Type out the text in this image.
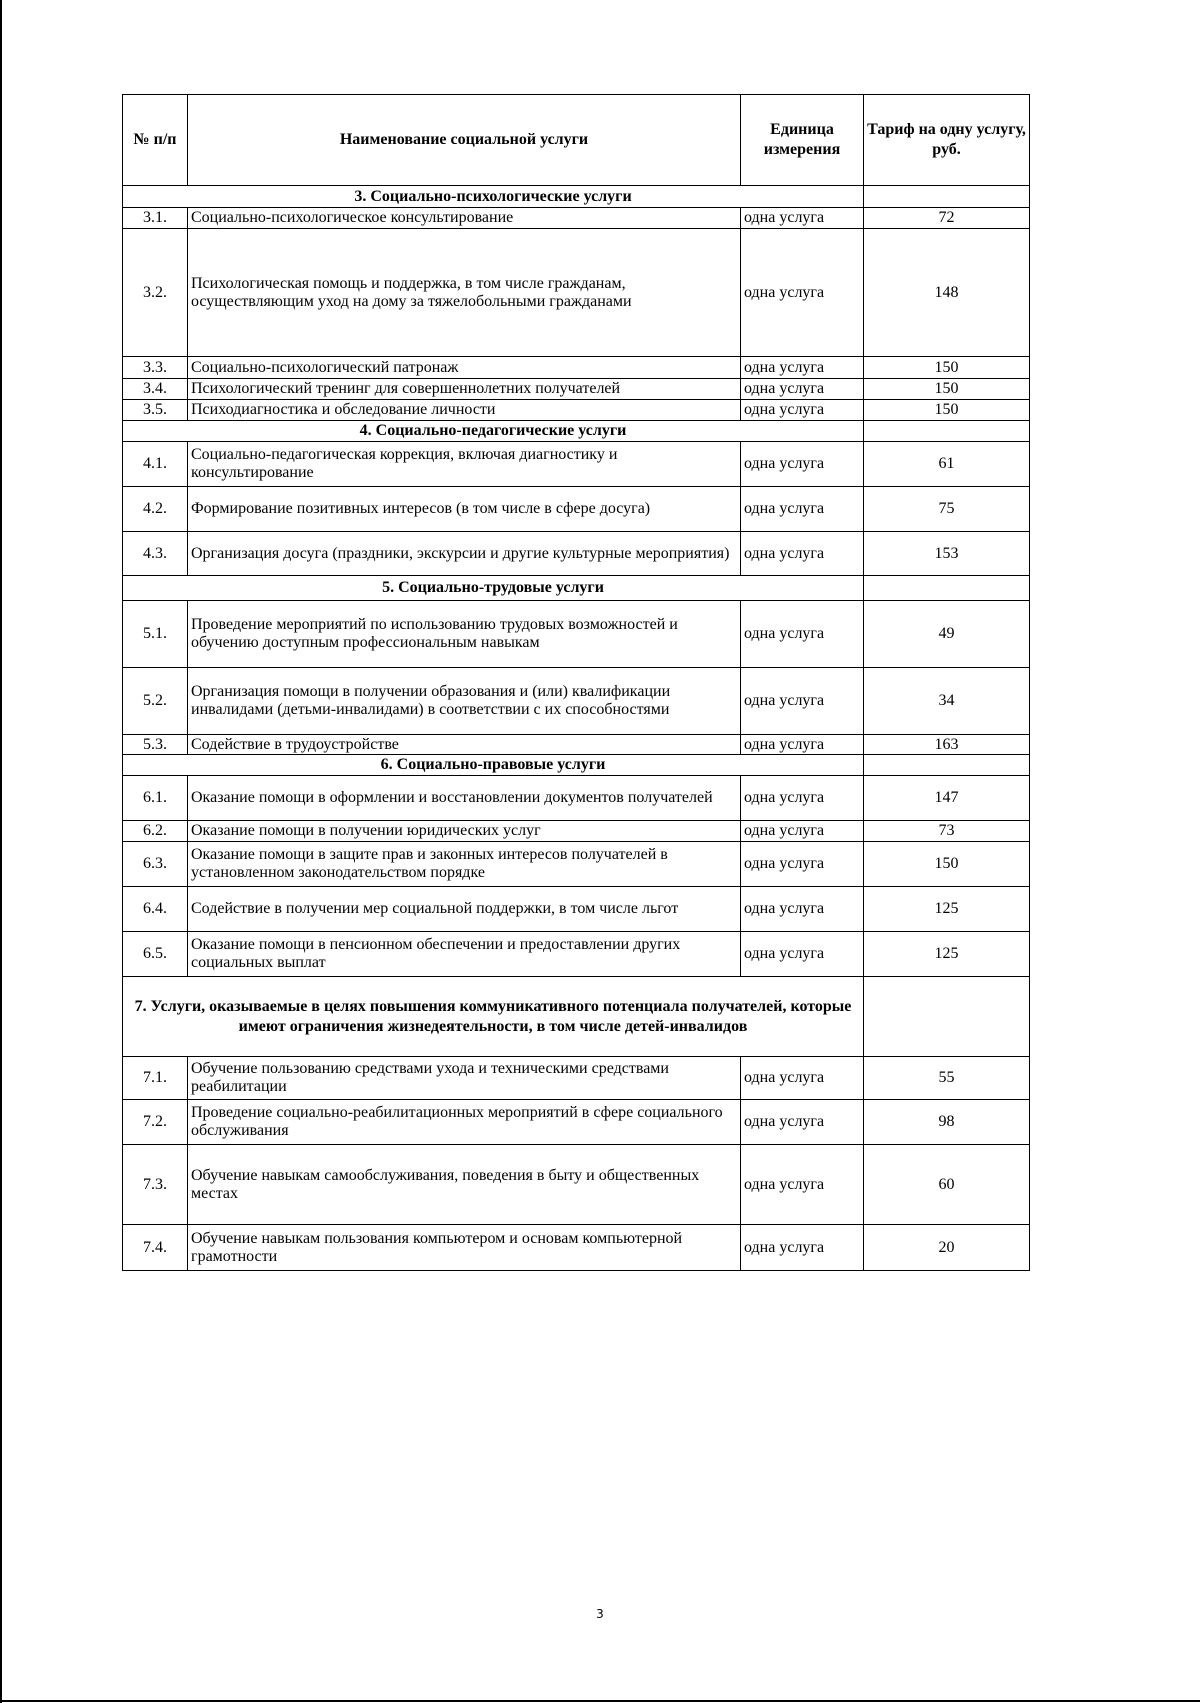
№ п/п	Наименование социальной услуги	Единица измерения	Тариф на одну услугу, руб.
3. Социально-психологические услуги			
3.1.	Социально-психологическое консультирование	одна услуга	72
3.2.	Психологическая помощь и поддержка, в том числе гражданам, осуществляющим уход на дому за тяжелобольными гражданами	одна услуга	148
3.3.	Социально-психологический патронаж	одна услуга	150
3.4.	Психологический тренинг для совершеннолетних получателей	одна услуга	150
3.5.	Психодиагностика и обследование личности	одна услуга	150
4. Социально-педагогические услуги			
4.1.	Социально-педагогическая коррекция, включая диагностику и консультирование	одна услуга	61
4.2.	Формирование позитивных интересов (в том числе в сфере досуга)	одна услуга	75
4.3.	Организация досуга (праздники, экскурсии и другие культурные мероприятия)	одна услуга	153
5. Социально-трудовые услуги			
5.1.	Проведение мероприятий по использованию трудовых возможностей и обучению доступным профессиональным навыкам	одна услуга	49
5.2.	Организация помощи в получении образования и (или) квалификации инвалидами (детьми-инвалидами) в соответствии с их способностями	одна услуга	34
5.3.	Содействие в трудоустройстве	одна услуга	163
6. Социально-правовые услуги			
6.1.	Оказание помощи в оформлении и восстановлении документов получателей	одна услуга	147
6.2.	Оказание помощи в получении юридических услуг	одна услуга	73
6.3.	Оказание помощи в защите прав и законных интересов получателей в установленном законодательством порядке	одна услуга	150
6.4.	Содействие в получении мер социальной поддержки, в том числе льгот	одна услуга	125
6.5.	Оказание помощи в пенсионном обеспечении и предоставлении других социальных выплат	одна услуга	125
7. Услуги, оказываемые в целях повышения коммуникативного потенциала получателей, которые имеют ограничения жизнедеятельности, в том числе детей-инвалидов			
7.1.	Обучение пользованию средствами ухода и техническими средствами реабилитации	одна услуга	55
7.2.	Проведение социально-реабилитационных мероприятий в сфере социального обслуживания	одна услуга	98
7.3.	Обучение навыкам самообслуживания, поведения в быту и общественных местах	одна услуга	60
7.4.	Обучение навыкам пользования компьютером и основам компьютерной грамотности	одна услуга	20
3
